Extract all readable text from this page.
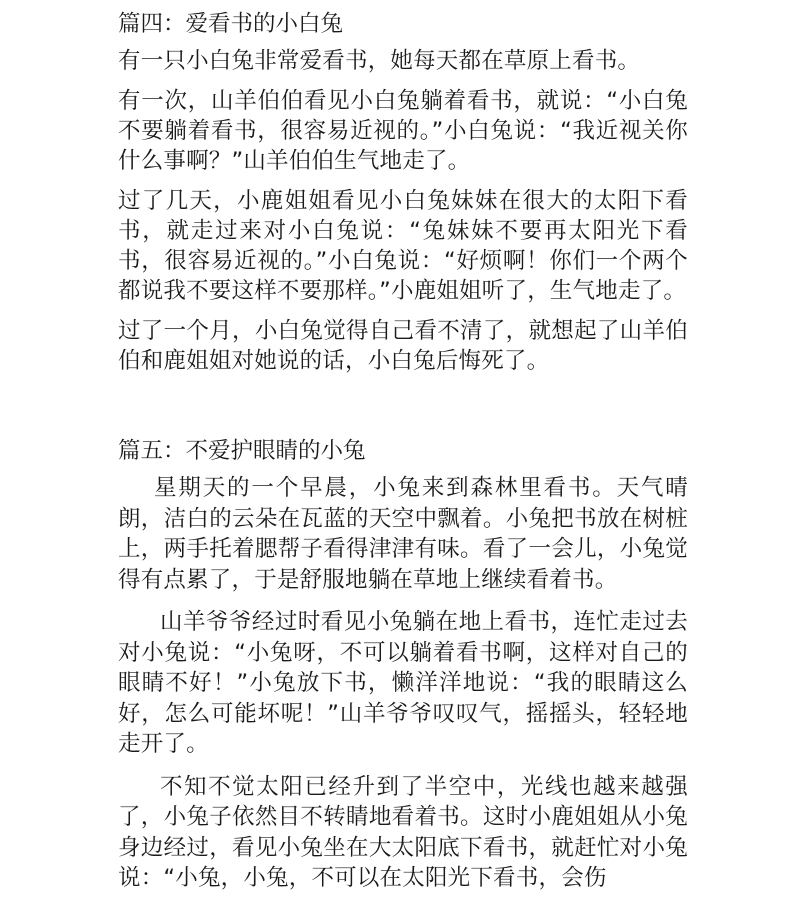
篇四：爱看书的小白兔

有一只小白兔非常爱看书，她每天都在草原上看书。

有一次，山羊伯伯看见小白兔躺着看书，就说：“小白兔不要躺着看书，很容易近视的。”小白兔说：“我近视关你什么事啊？”山羊伯伯生气地走了。

过了几天，小鹿姐姐看见小白兔妹妹在很大的太阳下看书，就走过来对小白兔说：“兔妹妹不要再太阳光下看书，很容易近视的。”小白兔说：“好烦啊！你们一个两个都说我不要这样不要那样。”小鹿姐姐听了，生气地走了。

过了一个月，小白兔觉得自己看不清了，就想起了山羊伯伯和鹿姐姐对她说的话，小白兔后悔死了。

篇五：不爱护眼睛的小兔

星期天的一个早晨，小兔来到森林里看书。天气晴朗，洁白的云朵在瓦蓝的天空中飘着。小兔把书放在树桩上，两手托着腮帮子看得津津有味。看了一会儿，小兔觉得有点累了，于是舒服地躺在草地上继续看着书。

山羊爷爷经过时看见小兔躺在地上看书，连忙走过去对小兔说：“小兔呀，不可以躺着看书啊，这样对自己的眼睛不好！”小兔放下书，懒洋洋地说：“我的眼睛这么好，怎么可能坏呢！”山羊爷爷叹叹气，摇摇头，轻轻地走开了。

不知不觉太阳已经升到了半空中，光线也越来越强了，小兔子依然目不转睛地看着书。这时小鹿姐姐从小兔身边经过，看见小兔坐在大太阳底下看书，就赶忙对小兔说：“小兔，小兔，不可以在太阳光下看书，会伤
